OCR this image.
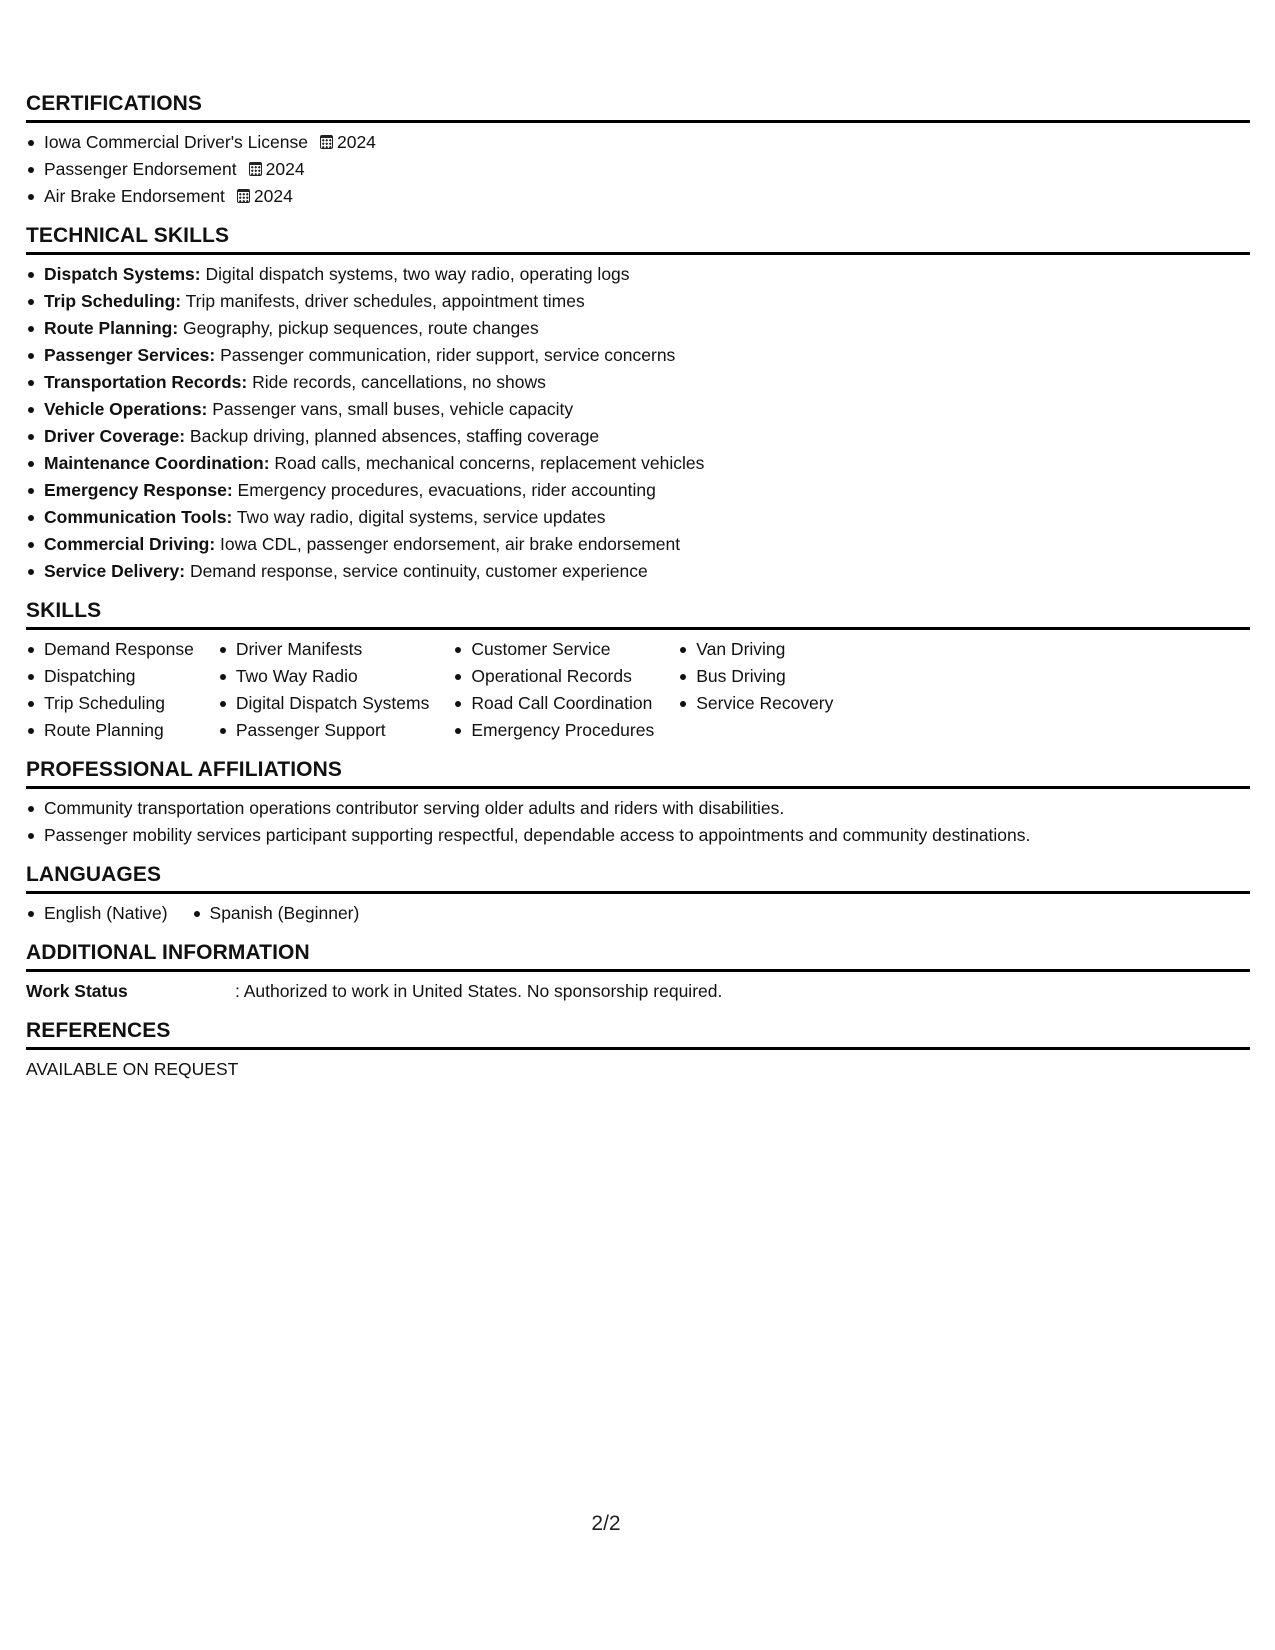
CERTIFICATIONS
Iowa Commercial Driver's License 2024
Passenger Endorsement 2024
Air Brake Endorsement 2024
TECHNICAL SKILLS
Dispatch Systems: Digital dispatch systems, two way radio, operating logs
Trip Scheduling: Trip manifests, driver schedules, appointment times
Route Planning: Geography, pickup sequences, route changes
Passenger Services: Passenger communication, rider support, service concerns
Transportation Records: Ride records, cancellations, no shows
Vehicle Operations: Passenger vans, small buses, vehicle capacity
Driver Coverage: Backup driving, planned absences, staffing coverage
Maintenance Coordination: Road calls, mechanical concerns, replacement vehicles
Emergency Response: Emergency procedures, evacuations, rider accounting
Communication Tools: Two way radio, digital systems, service updates
Commercial Driving: Iowa CDL, passenger endorsement, air brake endorsement
Service Delivery: Demand response, service continuity, customer experience
SKILLS
Demand Response
Dispatching
Trip Scheduling
Route Planning
Driver Manifests
Two Way Radio
Digital Dispatch Systems
Passenger Support
Customer Service
Operational Records
Road Call Coordination
Emergency Procedures
Van Driving
Bus Driving
Service Recovery
PROFESSIONAL AFFILIATIONS
Community transportation operations contributor serving older adults and riders with disabilities.
Passenger mobility services participant supporting respectful, dependable access to appointments and community destinations.
LANGUAGES
English (Native) Spanish (Beginner)
ADDITIONAL INFORMATION
Work Status	: Authorized to work in United States. No sponsorship required.
REFERENCES
AVAILABLE ON REQUEST
2/2
